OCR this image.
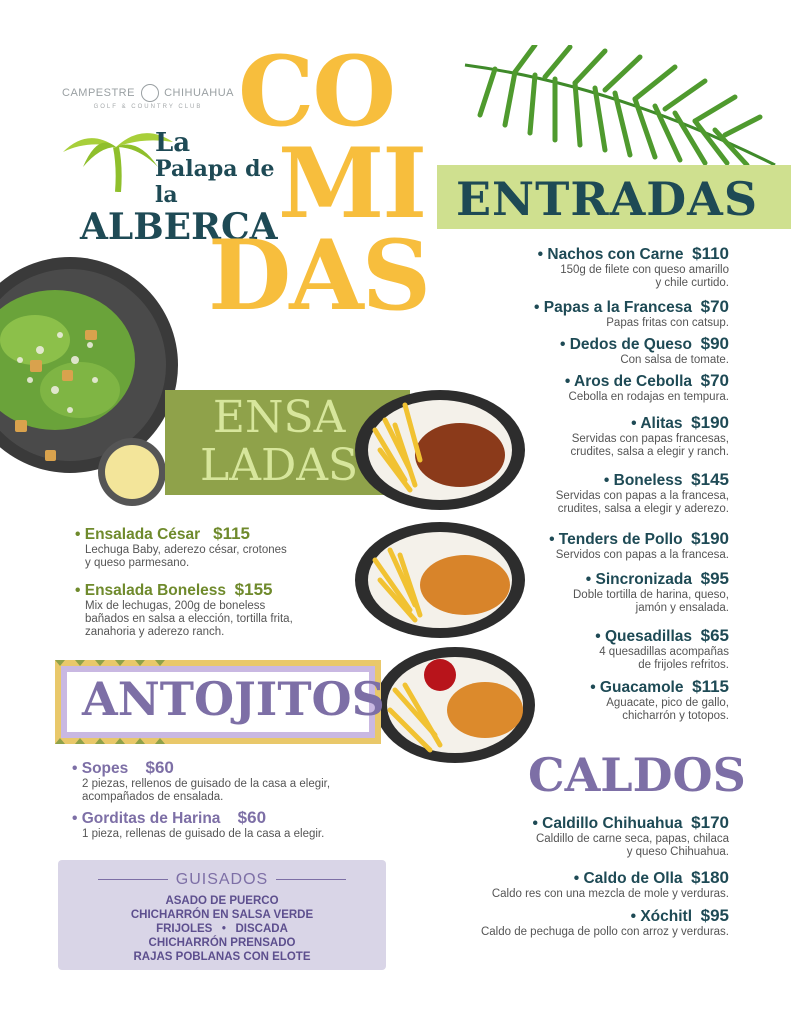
CAMPESTRE	CHIHUAHUA
GOLF & COUNTRY CLUB
La
Palapa de la
ALBERCA
CO
MI
DAS
ENTRADAS
• Nachos con Carne $110
150g de filete con queso amarillo
y chile curtido.
• Papas a la Francesa $70
Papas fritas con catsup.
• Dedos de Queso $90
Con salsa de tomate.
• Aros de Cebolla $70
Cebolla en rodajas en tempura.
• Alitas $190
Servidas con papas francesas,
crudites, salsa a elegir y ranch.
• Boneless $145
Servidas con papas a la francesa,
crudites, salsa a elegir y aderezo.
• Tenders de Pollo $190
Servidos con papas a la francesa.
• Sincronizada $95
Doble tortilla de harina, queso,
jamón y ensalada.
• Quesadillas $65
4 quesadillas acompañas
de frijoles refritos.
• Guacamole $115
Aguacate, pico de gallo,
chicharrón y totopos.
ENSA
LADAS
• Ensalada César $115
Lechuga Baby, aderezo césar, crotones
y queso parmesano.
• Ensalada Boneless $155
Mix de lechugas, 200g de boneless
bañados en salsa a elección, tortilla frita,
zanahoria y aderezo ranch.
ANTOJITOS
• Sopes $60
2 piezas, rellenos de guisado de la casa a elegir,
acompañados de ensalada.
• Gorditas de Harina $60
1 pieza, rellenas de guisado de la casa a elegir.
GUISADOS
ASADO DE PUERCO
CHICHARRÓN EN SALSA VERDE
FRIJOLES   •   DISCADA
CHICHARRÓN PRENSADO
RAJAS POBLANAS CON ELOTE
CALDOS
• Caldillo Chihuahua $170
Caldillo de carne seca, papas, chilaca
y queso Chihuahua.
• Caldo de Olla $180
Caldo res con una mezcla de mole y verduras.
• Xóchitl $95
Caldo de pechuga de pollo con arroz y verduras.
